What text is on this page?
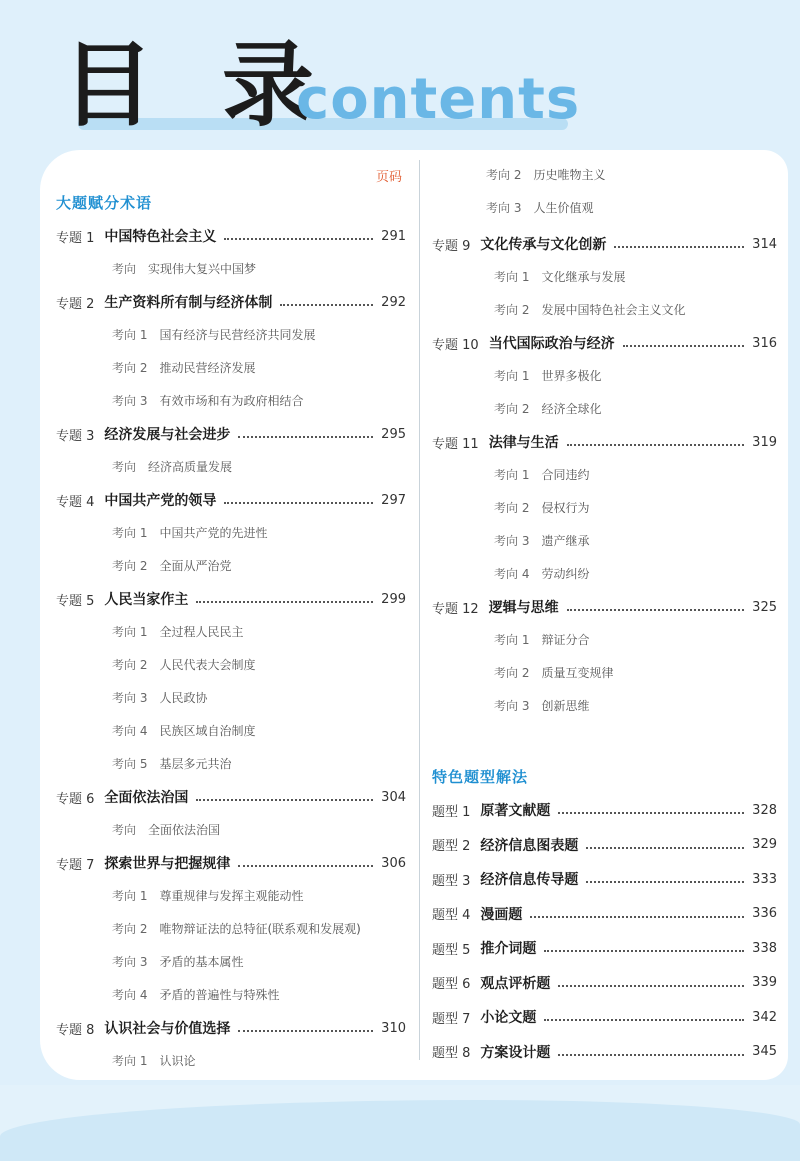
目 录
contents
页码
大题赋分术语
专题 1 中国特色社会主义	291
考向 实现伟大复兴中国梦
专题 2 生产资料所有制与经济体制	292
考向 1 国有经济与民营经济共同发展
考向 2 推动民营经济发展
考向 3 有效市场和有为政府相结合
专题 3 经济发展与社会进步	295
考向 经济高质量发展
专题 4 中国共产党的领导	297
考向 1 中国共产党的先进性
考向 2 全面从严治党
专题 5 人民当家作主	299
考向 1 全过程人民民主
考向 2 人民代表大会制度
考向 3 人民政协
考向 4 民族区域自治制度
考向 5 基层多元共治
专题 6 全面依法治国	304
考向 全面依法治国
专题 7 探索世界与把握规律	306
考向 1 尊重规律与发挥主观能动性
考向 2 唯物辩证法的总特征(联系观和发展观)
考向 3 矛盾的基本属性
考向 4 矛盾的普遍性与特殊性
专题 8 认识社会与价值选择	310
考向 1 认识论
特色题型解法
考向 2 历史唯物主义
考向 3 人生价值观
专题 9 文化传承与文化创新	314
考向 1 文化继承与发展
考向 2 发展中国特色社会主义文化
专题 10 当代国际政治与经济	316
考向 1 世界多极化
考向 2 经济全球化
专题 11 法律与生活	319
考向 1 合同违约
考向 2 侵权行为
考向 3 遗产继承
考向 4 劳动纠纷
专题 12 逻辑与思维	325
考向 1 辩证分合
考向 2 质量互变规律
考向 3 创新思维
题型 1 原著文献题	328
题型 2 经济信息图表题	329
题型 3 经济信息传导题	333
题型 4 漫画题	336
题型 5 推介词题	338
题型 6 观点评析题	339
题型 7 小论文题	342
题型 8 方案设计题	345
